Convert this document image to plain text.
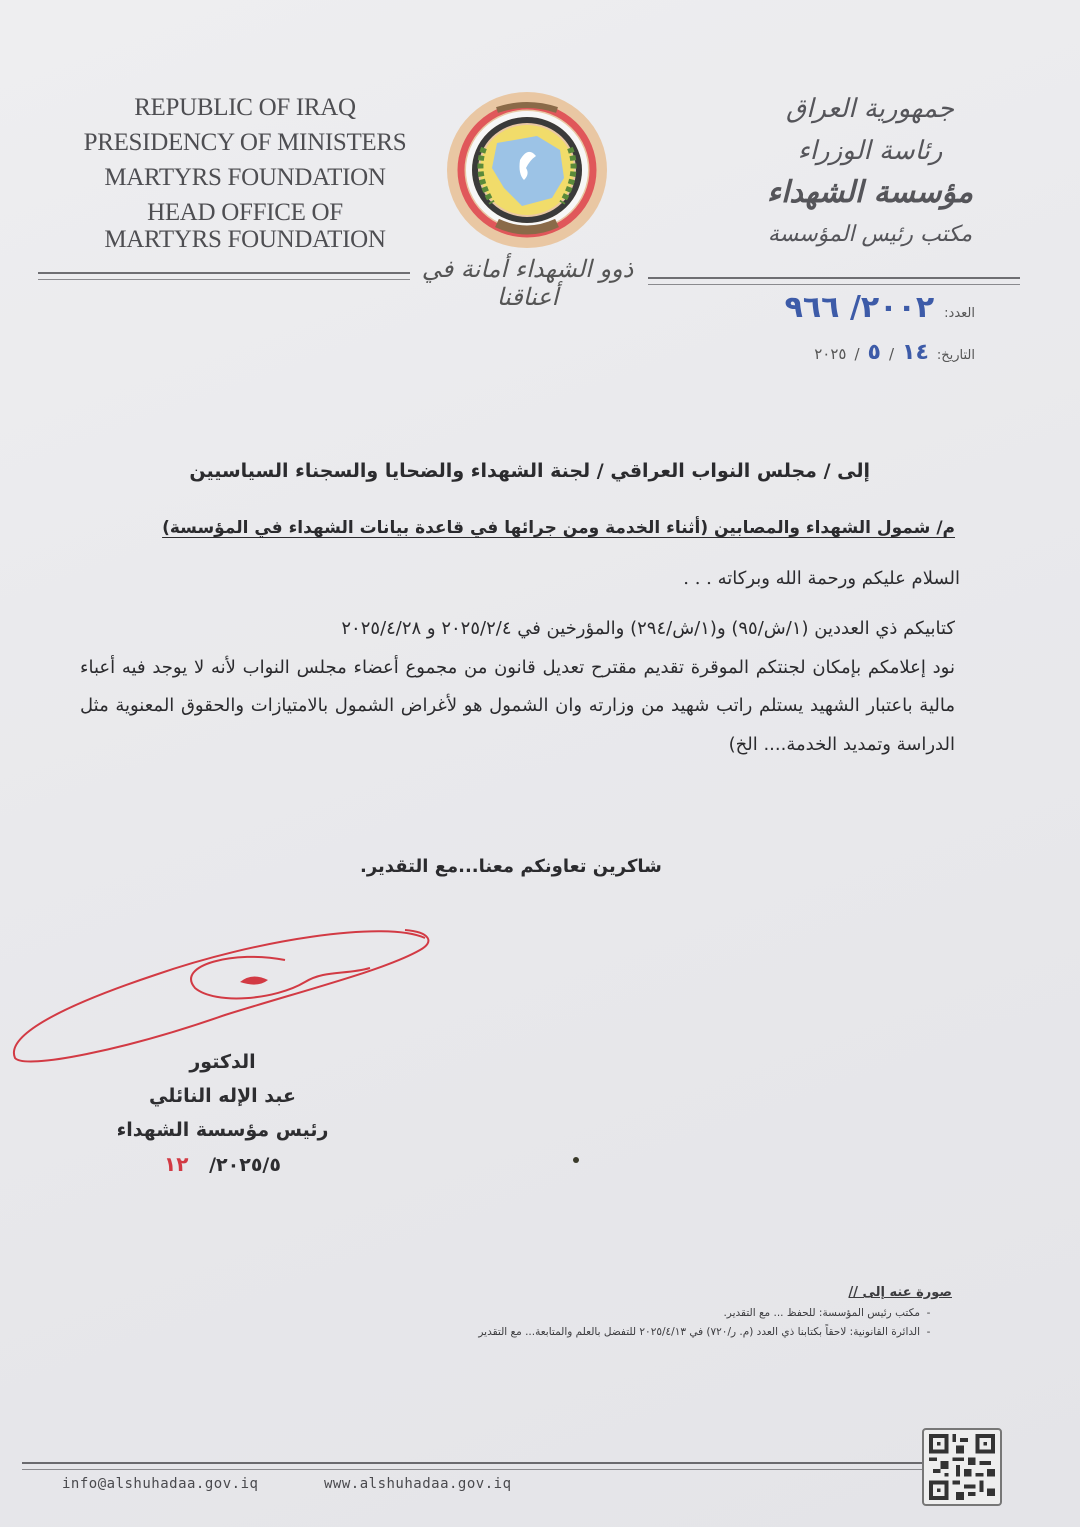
REPUBLIC OF IRAQ
PRESIDENCY OF MINISTERS
MARTYRS FOUNDATION
HEAD OFFICE OF
MARTYRS FOUNDATION
ذوو الشهداء أمانة في أعناقنا
جمهورية العراق
رئاسة الوزراء
مؤسسة الشهداء
مكتب رئيس المؤسسة
العدد:
٢٠٠٢/ ٩٦٦
التاريخ:
١٤
/
٥
/
٢٠٢٥
إلى / مجلس النواب العراقي / لجنة الشهداء والضحايا والسجناء السياسيين
م/ شمول الشهداء والمصابين (أثناء الخدمة ومن جرائها في قاعدة بيانات الشهداء في المؤسسة)
السلام عليكم ورحمة الله وبركاته . . .

كتابيكم ذي العددين (١/ش/٩٥) و(١/ش/٢٩٤) والمؤرخين في ٢٠٢٥/٢/٤ و ٢٠٢٥/٤/٢٨

نود إعلامكم بإمكان لجنتكم الموقرة تقديم مقترح تعديل قانون من مجموع أعضاء مجلس النواب لأنه لا يوجد فيه أعباء مالية باعتبار الشهيد يستلم راتب شهيد من وزارته وان الشمول هو لأغراض الشمول بالامتيازات والحقوق المعنوية مثل الدراسة وتمديد الخدمة.... الخ)

شاكرين تعاونكم معنا...مع التقدير.
الدكتور
عبد الإله النائلي
رئيس مؤسسة الشهداء
٢٠٢٥/٥/ ١٢
صورة عنه إلى //
- مكتب رئيس المؤسسة: للحفظ ... مع التقدير.
- الدائرة القانونية: لاحقاً بكتابنا ذي العدد (م. ر/٧٢٠) في ٢٠٢٥/٤/١٣ للتفضل بالعلم والمتابعة... مع التقدير
info@alshuhadaa.gov.iq	www.alshuhadaa.gov.iq
